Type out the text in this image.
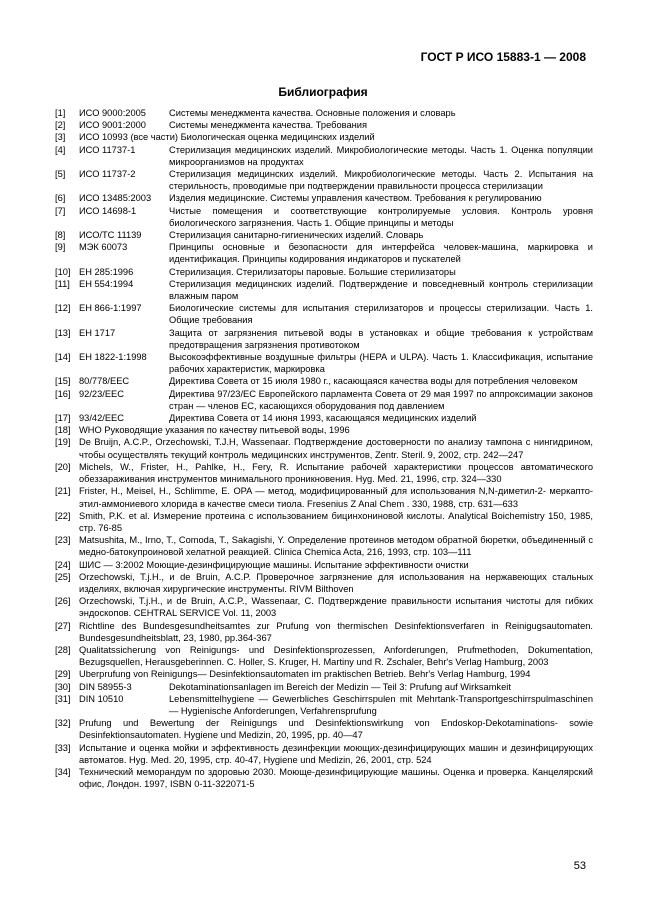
ГОСТ Р ИСО 15883-1 — 2008
Библиография
[1]	ИСО 9000:2005	Системы менеджмента качества. Основные положения и словарь
[2]	ИСО 9001:2000	Системы менеджмента качества. Требования
[3]	ИСО 10993 (все части) Биологическая оценка медицинских изделий
[4]	ИСО 11737-1	Стерилизация медицинских изделий. Микробиологические методы. Часть 1. Оценка популяции микроорганизмов на продуктах
[5]	ИСО 11737-2	Стерилизация медицинских изделий. Микробиологические методы. Часть 2. Испытания на стерильность, проводимые при подтверждении правильности процесса стерилизации
[6]	ИСО 13485:2003	Изделия медицинские. Системы управления качеством. Требования к регулированию
[7]	ИСО 14698-1	Чистые помещения и соответствующие контролируемые условия. Контроль уровня биологического загрязнения. Часть 1. Общие принципы и методы
[8]	ИСО/ТС 11139	Стерилизация санитарно-гигиенических изделий. Словарь
[9]	МЭК 60073	Принципы основные и безопасности для интерфейса человек-машина, маркировка и идентификация. Принципы кодирования индикаторов и пускателей
[10] ЕН 285:1996	Стерилизация. Стерилизаторы паровые. Большие стерилизаторы
[11] ЕН 554:1994	Стерилизация медицинских изделий. Подтверждение и повседневный контроль стерилизации влажным паром
[12] ЕН 866-1:1997	Биологические системы для испытания стерилизаторов и процессы стерилизации. Часть 1. Общие требования
[13] ЕН 1717	Защита от загрязнения питьевой воды в установках и общие требования к устройствам предотвращения загрязнения противотоком
[14] ЕН 1822-1:1998	Высокоэффективные воздушные фильтры (НЕРА и ULPA). Часть 1. Классификация, испытание рабочих характеристик, маркировка
[15] 80/778/ЕЕС	Директива Совета от 15 июля 1980 г., касающаяся качества воды для потребления человеком
[16] 92/23/ЕЕС	Директива 97/23/ЕС Европейского парламента Совета от 29 мая 1997 по аппроксимации законов стран — членов ЕС, касающихся оборудования под давлением
[17] 93/42/ЕЕС	Директива Совета от 14 июня 1993, касающаяся медицинских изделий
[18] WHO Руководящие указания по качеству питьевой воды, 1996
[19] De Bruijn, A.C.P., Orzechowski, T.J.H, Wassenaar. Подтверждение достоверности по анализу тампона с нингидрином, чтобы осуществлять текущий контроль медицинских инструментов, Zentr. Steril. 9, 2002, стр. 242—247
[20] Michels, W., Frister, H., Pahlke, H., Fery, R. Испытание рабочей характеристики процессов автоматического обеззараживания инструментов минимального проникновения. Hyg. Med. 21, 1996, стр. 324—330
[21] Frister, H., Meisel, H., Schlimme, E. OPA — метод, модифицированный для использования N,N-диметил-2- меркапто-этил-аммониевого хлорида в качестве смеси тиола. Fresenius Z Anal Chem . 330, 1988, стр. 631—633
[22] Smith, P.K. et al. Измерение протеина с использованием бицинхониновой кислоты. Analytical Boichemistry 150, 1985, стр. 76-85
[23] Matsushita, M., Irno, T., Comoda, T., Sakagishi, Y. Определение протеинов методом обратной бюретки, объединенный с медно-батокупроиновой хелатной реакцией. Clinica Chemica Acta, 216, 1993, стр. 103—111
[24] ШИС — 3:2002 Моющие-дезинфицирующие машины. Испытание эффективности очистки
[25] Orzechowski, T.j.H., и de Bruin, A.C.P. Проверочное загрязнение для использования на нержавеющих стальных изделиях, включая хирургические инструменты. RIVM Bilthoven
[26] Orzechowski, T.j.H., и de Bruin, A.C.P., Wassenaar, C. Подтверждение правильности испытания чистоты для гибких эндоскопов. CEHTRAL SERVICE Vol. 11, 2003
[27] Richtline des Bundesgesundheitsamtes zur Prufung von thermischen Desinfektionsverfaren in Reinigugsautomaten. Bundesgesundheitsblatt, 23, 1980, pp.364-367
[28] Qualitatssicherung von Reinigungs- und Desinfektionsprozessen, Anforderungen, Prufmethoden, Dokumentation, Bezugsquellen, Herausgeberinnen. C. Holler, S. Kruger, H. Martiny und R. Zschaler, Behr's Verlag Hamburg, 2003
[29] Uberprufung von Reinigungs— Desinfektionsautomaten im praktischen Betrieb. Behr's Verlag Hamburg, 1994
[30] DIN 58955-3	Dekotaminationsanlagen im Bereich der Medizin — Teil 3: Prufung auf Wirksamkeit
[31] DIN 10510	Lebensmittelhygiene — Gewerbliches Geschirrspulen mit Mehrtank-Transportgeschirrspulmaschinen — Hygienische Anforderungen, Verfahrensprufung
[32] Prufung und Bewertung der Reinigungs und Desinfektionswirkung von Endoskop-Dekotaminations- sowie Desinfektionsautomaten. Hygiene und Medizin, 20, 1995, pp. 40—47
[33] Испытание и оценка мойки и эффективность дезинфекции моющих-дезинфицирующих машин и дезинфицирующих автоматов. Hyg. Med. 20, 1995, стр. 40-47, Hygiene und Medizin, 26, 2001, стр. 524
[34] Технический меморандум по здоровью 2030. Моюще-дезинфицирующие машины. Оценка и проверка. Канцелярский офис, Лондон. 1997, ISBN 0-11-322071-5
53
